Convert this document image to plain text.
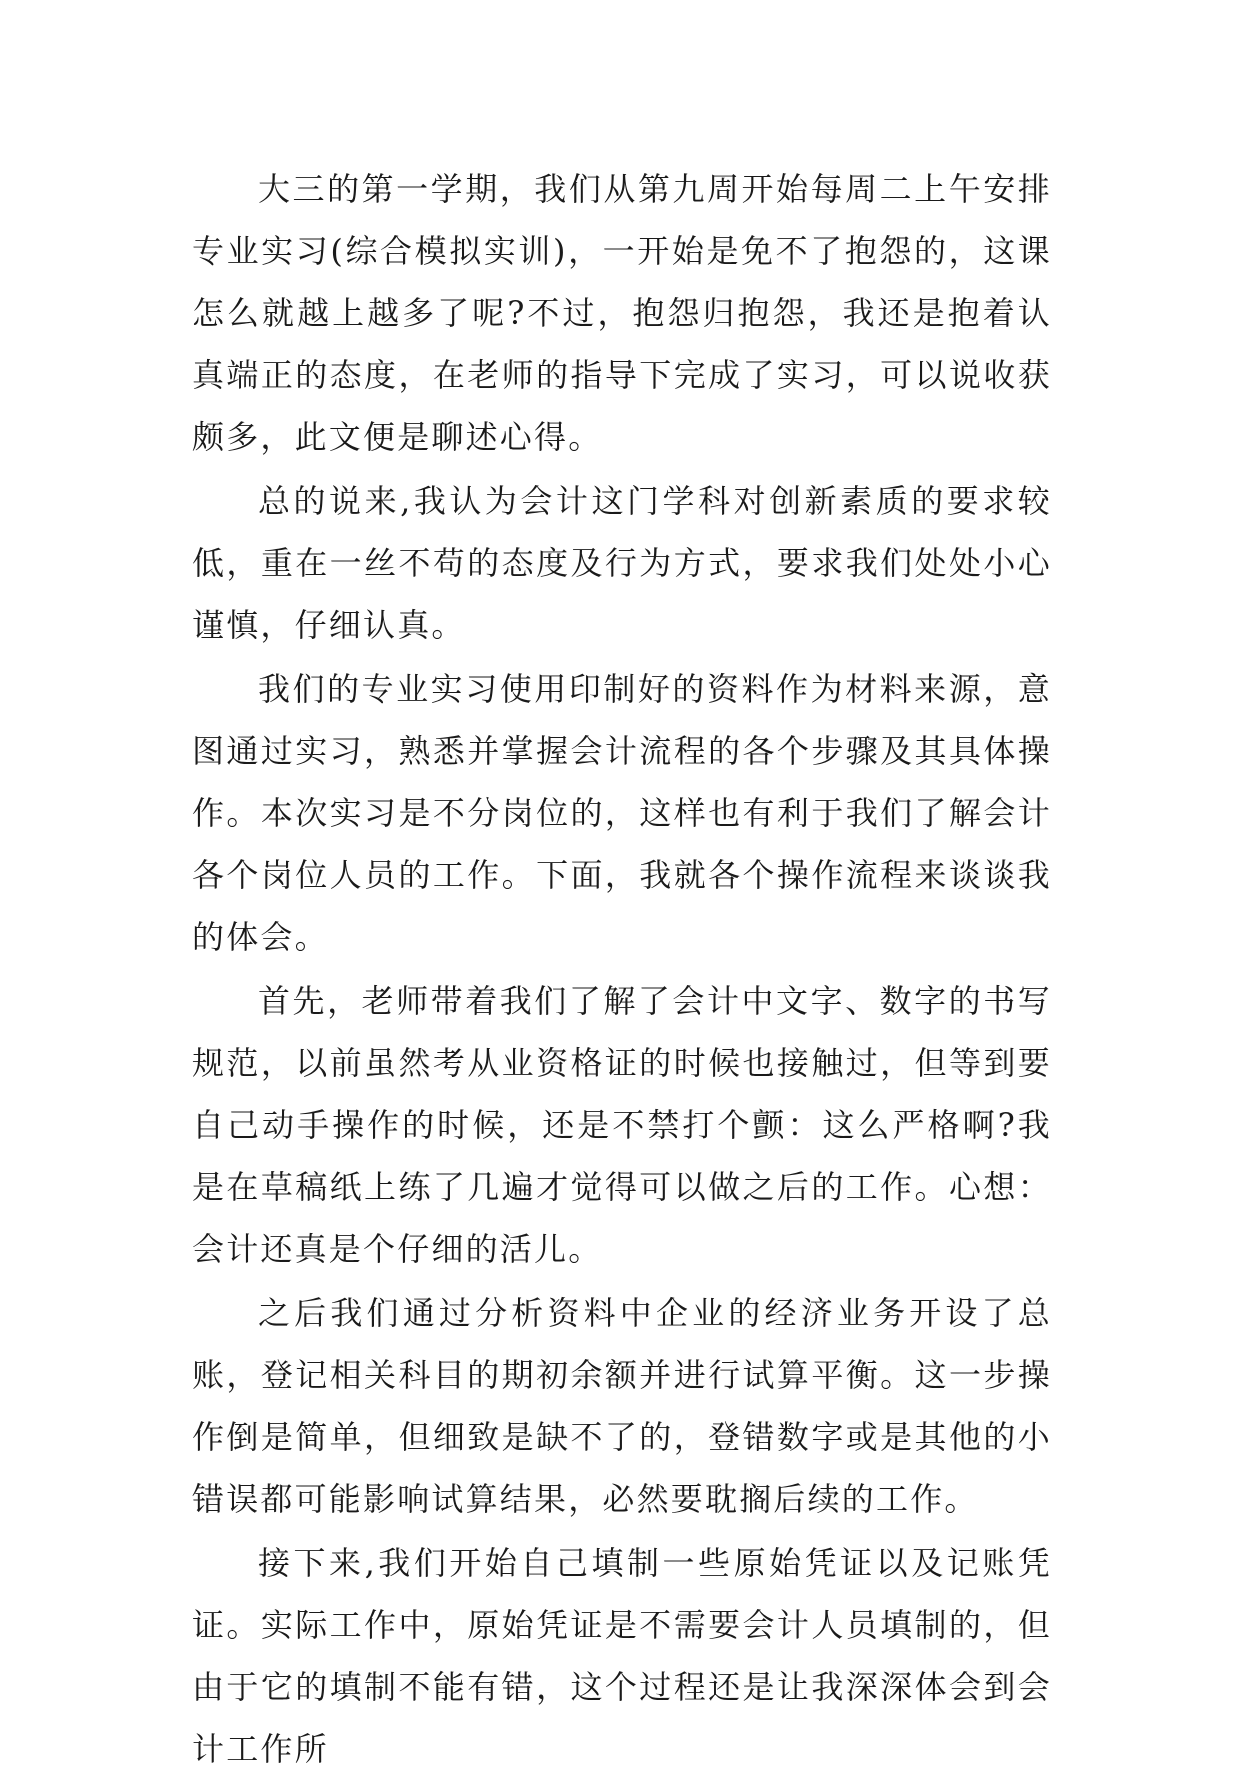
大三的第一学期，我们从第九周开始每周二上午安排专业实习(综合模拟实训)，一开始是免不了抱怨的，这课怎么就越上越多了呢?不过，抱怨归抱怨，我还是抱着认真端正的态度，在老师的指导下完成了实习，可以说收获颇多，此文便是聊述心得。

总的说来,我认为会计这门学科对创新素质的要求较低，重在一丝不苟的态度及行为方式，要求我们处处小心谨慎，仔细认真。

我们的专业实习使用印制好的资料作为材料来源，意图通过实习，熟悉并掌握会计流程的各个步骤及其具体操作。本次实习是不分岗位的，这样也有利于我们了解会计各个岗位人员的工作。下面，我就各个操作流程来谈谈我的体会。

首先，老师带着我们了解了会计中文字、数字的书写规范，以前虽然考从业资格证的时候也接触过，但等到要自己动手操作的时候，还是不禁打个颤：这么严格啊?我是在草稿纸上练了几遍才觉得可以做之后的工作。心想：会计还真是个仔细的活儿。

之后我们通过分析资料中企业的经济业务开设了总账，登记相关科目的期初余额并进行试算平衡。这一步操作倒是简单，但细致是缺不了的，登错数字或是其他的小错误都可能影响试算结果，必然要耽搁后续的工作。

接下来,我们开始自己填制一些原始凭证以及记账凭证。实际工作中，原始凭证是不需要会计人员填制的，但由于它的填制不能有错，这个过程还是让我深深体会到会计工作所
